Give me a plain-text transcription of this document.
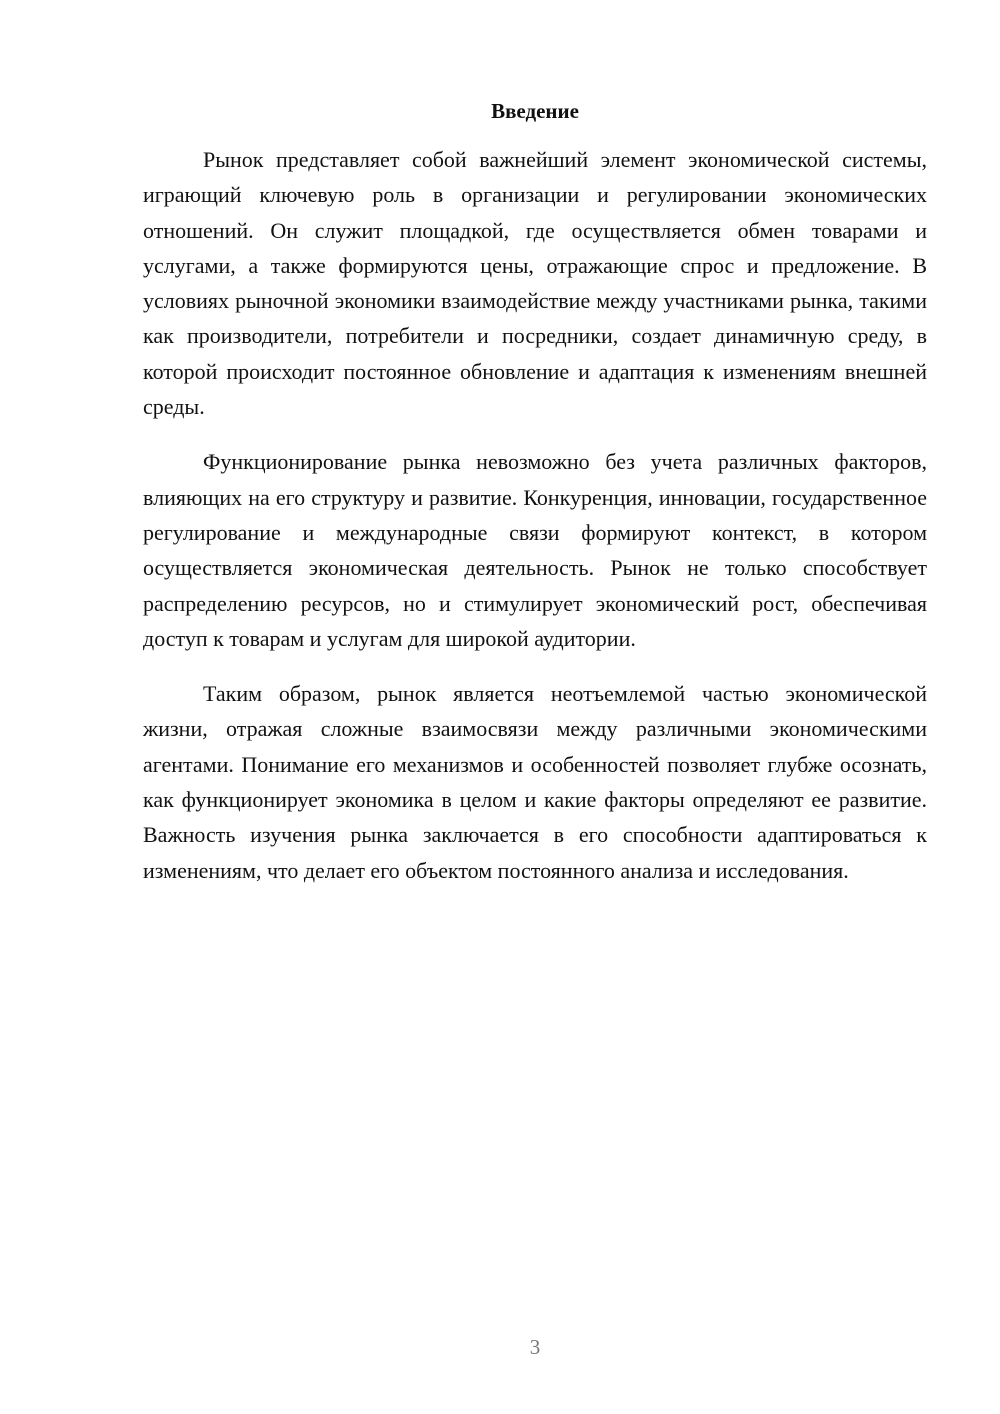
Введение

Рынок представляет собой важнейший элемент экономической системы, играющий ключевую роль в организации и регулировании экономических отношений. Он служит площадкой, где осуществляется обмен товарами и услугами, а также формируются цены, отражающие спрос и предложение. В условиях рыночной экономики взаимодействие между участниками рынка, такими как производители, потребители и посредники, создает динамичную среду, в которой происходит постоянное обновление и адаптация к изменениям внешней среды.

Функционирование рынка невозможно без учета различных факторов, влияющих на его структуру и развитие. Конкуренция, инновации, государственное регулирование и международные связи формируют контекст, в котором осуществляется экономическая деятельность. Рынок не только способствует распределению ресурсов, но и стимулирует экономический рост, обеспечивая доступ к товарам и услугам для широкой аудитории.

Таким образом, рынок является неотъемлемой частью экономической жизни, отражая сложные взаимосвязи между различными экономическими агентами. Понимание его механизмов и особенностей позволяет глубже осознать, как функционирует экономика в целом и какие факторы определяют ее развитие. Важность изучения рынка заключается в его способности адаптироваться к изменениям, что делает его объектом постоянного анализа и исследования.

3
